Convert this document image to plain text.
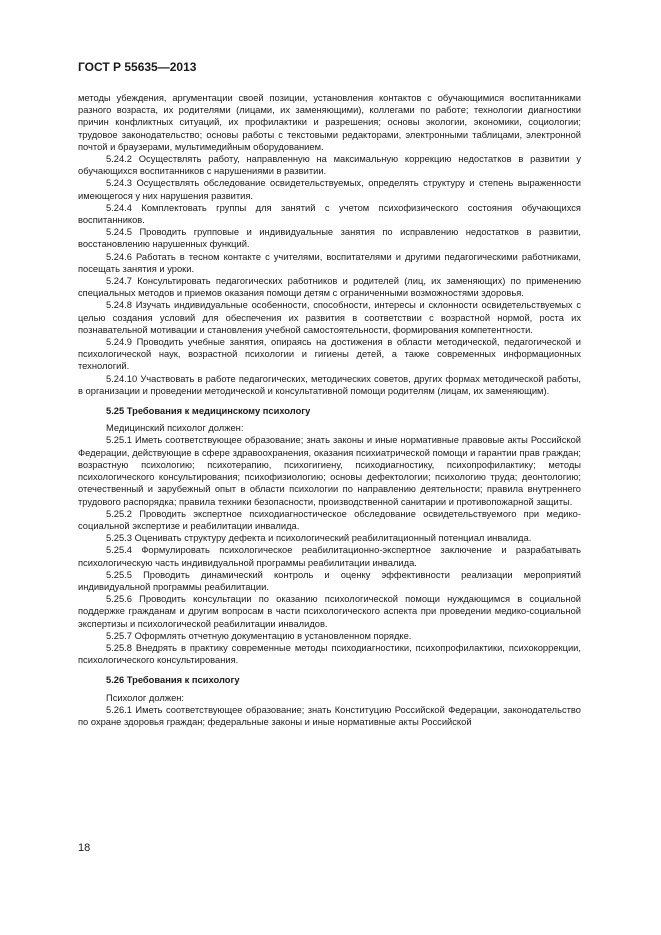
ГОСТ Р 55635—2013

методы убеждения, аргументации своей позиции, установления контактов с обучающимися воспитанниками разного возраста, их родителями (лицами, их заменяющими), коллегами по работе; технологии диагностики причин конфликтных ситуаций, их профилактики и разрешения; основы экологии, экономики, социологии; трудовое законодательство; основы работы с текстовыми редакторами, электронными таблицами, электронной почтой и браузерами, мультимедийным оборудованием.

5.24.2 Осуществлять работу, направленную на максимальную коррекцию недостатков в развитии у обучающихся воспитанников с нарушениями в развитии.

5.24.3 Осуществлять обследование освидетельствуемых, определять структуру и степень выраженности имеющегося у них нарушения развития.

5.24.4 Комплектовать группы для занятий с учетом психофизического состояния обучающихся воспитанников.

5.24.5 Проводить групповые и индивидуальные занятия по исправлению недостатков в развитии, восстановлению нарушенных функций.

5.24.6 Работать в тесном контакте с учителями, воспитателями и другими педагогическими работниками, посещать занятия и уроки.

5.24.7 Консультировать педагогических работников и родителей (лиц, их заменяющих) по применению специальных методов и приемов оказания помощи детям с ограниченными возможностями здоровья.

5.24.8 Изучать индивидуальные особенности, способности, интересы и склонности освидетельствуемых с целью создания условий для обеспечения их развития в соответствии с возрастной нормой, роста их познавательной мотивации и становления учебной самостоятельности, формирования компетентности.

5.24.9 Проводить учебные занятия, опираясь на достижения в области методической, педагогической и психологической наук, возрастной психологии и гигиены детей, а также современных информационных технологий.

5.24.10 Участвовать в работе педагогических, методических советов, других формах методической работы, в организации и проведении методической и консультативной помощи родителям (лицам, их заменяющим).

5.25 Требования к медицинскому психологу

Медицинский психолог должен:

5.25.1 Иметь соответствующее образование; знать законы и иные нормативные правовые акты Российской Федерации, действующие в сфере здравоохранения, оказания психиатрической помощи и гарантии прав граждан; возрастную психологию; психотерапию, психогигиену, психодиагностику, психопрофилактику; методы психологического консультирования; психофизиологию; основы дефектологии; психологию труда; деонтологию; отечественный и зарубежный опыт в области психологии по направлению деятельности; правила внутреннего трудового распорядка; правила техники безопасности, производственной санитарии и противопожарной защиты.

5.25.2 Проводить экспертное психодиагностическое обследование освидетельствуемого при медико-социальной экспертизе и реабилитации инвалида.

5.25.3 Оценивать структуру дефекта и психологический реабилитационный потенциал инвалида.

5.25.4 Формулировать психологическое реабилитационно-экспертное заключение и разрабатывать психологическую часть индивидуальной программы реабилитации инвалида.

5.25.5 Проводить динамический контроль и оценку эффективности реализации мероприятий индивидуальной программы реабилитации.

5.25.6 Проводить консультации по оказанию психологической помощи нуждающимся в социальной поддержке гражданам и другим вопросам в части психологического аспекта при проведении медико-социальной экспертизы и психологической реабилитации инвалидов.

5.25.7 Оформлять отчетную документацию в установленном порядке.

5.25.8 Внедрять в практику современные методы психодиагностики, психопрофилактики, психокоррекции, психологического консультирования.

5.26 Требования к психологу

Психолог должен:

5.26.1 Иметь соответствующее образование; знать Конституцию Российской Федерации, законодательство по охране здоровья граждан; федеральные законы и иные нормативные акты Российской

18
